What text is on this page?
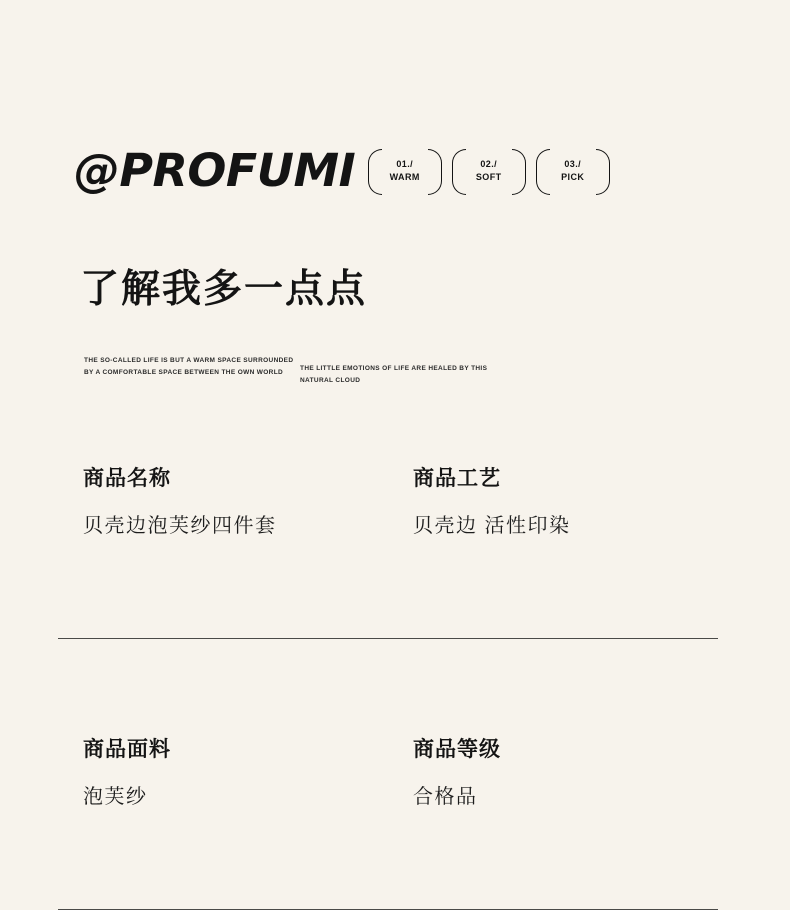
@PROFUMI	01./
WARM
02./
SOFT
03./
PICK
了解我多一点点
THE SO-CALLED LIFE IS BUT A WARM SPACE SURROUNDED BY A COMFORTABLE SPACE BETWEEN THE OWN WORLD
THE LITTLE EMOTIONS OF LIFE ARE HEALED BY THIS NATURAL CLOUD
商品名称
贝壳边泡芙纱四件套
商品工艺
贝壳边 活性印染
商品面料
泡芙纱
商品等级
合格品
